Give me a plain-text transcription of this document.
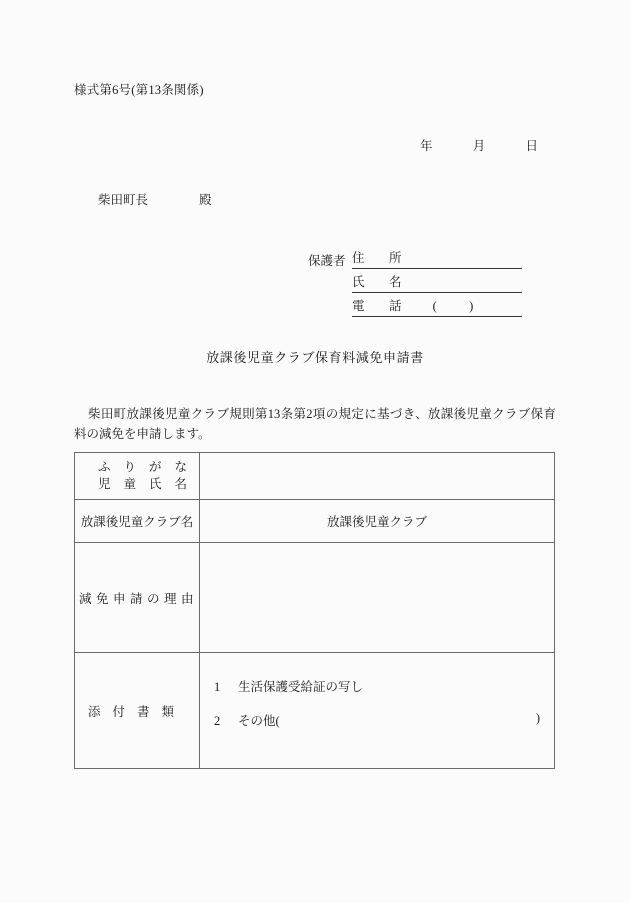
様式第6号(第13条関係)
年	月	日
柴田町長	殿
保護者 住　所
氏　名
電　話 (	)
放課後児童クラブ保育料減免申請書
柴田町放課後児童クラブ規則第13条第2項の規定に基づき、放課後児童クラブ保育料の減免を申請します。
ふりがな
児童氏名	

放課後児童クラブ名	放課後児童クラブ

減免申請の理由	

添付書類	1 生活保護受給証の写し
2 その他( )
